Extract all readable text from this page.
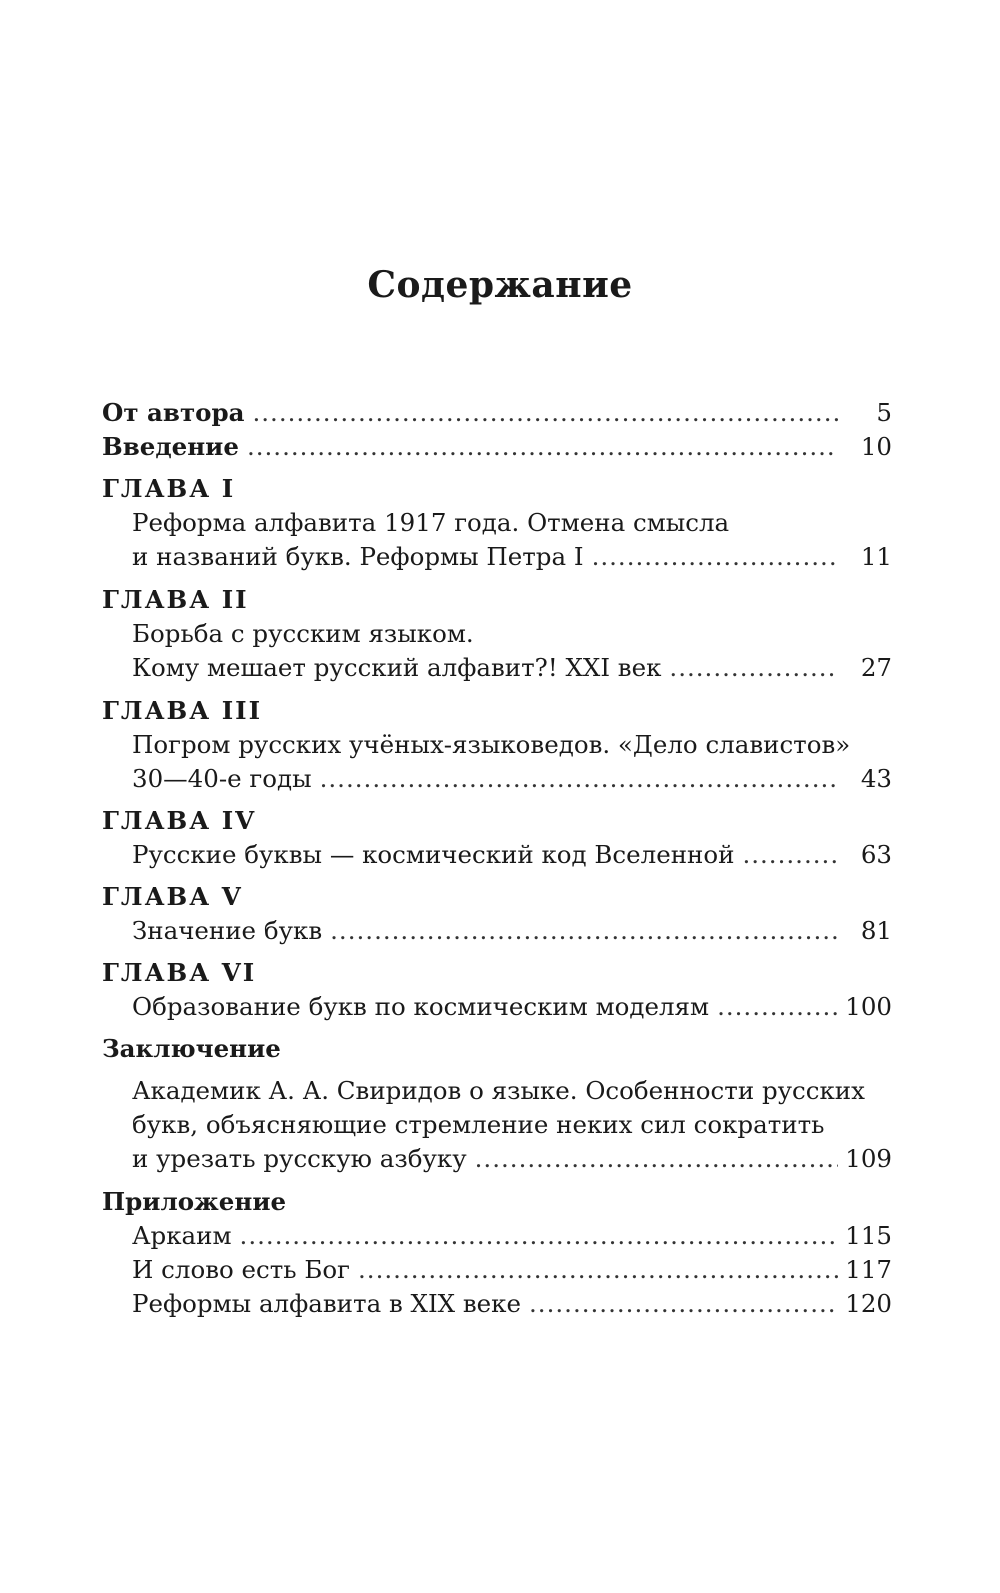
Содержание
От автора .....	5
Введение .....	10
ГЛАВА I
Реформа алфавита 1917 года. Отмена смысла
и названий букв. Реформы Петра I .....	11
ГЛАВА II
Борьба с русским языком.
Кому мешает русский алфавит?! XXI век .....	27
ГЛАВА III
Погром русских учёных-языковедов. «Дело славистов»
30—40-е годы .....	43
ГЛАВА IV
Русские буквы — космический код Вселенной .....	63
ГЛАВА V
Значение букв .....	81
ГЛАВА VI
Образование букв по космическим моделям .....	100
Заключение
Академик А. А. Свиридов о языке. Особенности русских
букв, объясняющие стремление неких сил сократить
и урезать русскую азбуку .....	109
Приложение
Аркаим .....	115
И слово есть Бог .....	117
Реформы алфавита в XIX веке .....	120
